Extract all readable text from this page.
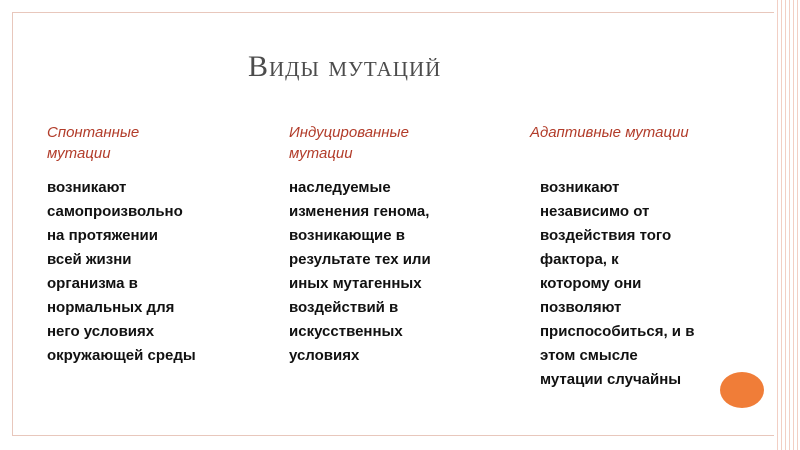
Виды мутаций
Спонтанные
мутации
Индуцированные
мутации
Адаптивные мутации
возникают
самопроизвольно
на протяжении
всей жизни
организма в
нормальных для
него условиях
окружающей среды
наследуемые
изменения генома,
возникающие в
результате тех или
иных мутагенных
воздействий в
искусственных
условиях
возникают
независимо от
воздействия того
фактора, к
которому они
позволяют
приспособиться, и в
этом смысле
мутации случайны
